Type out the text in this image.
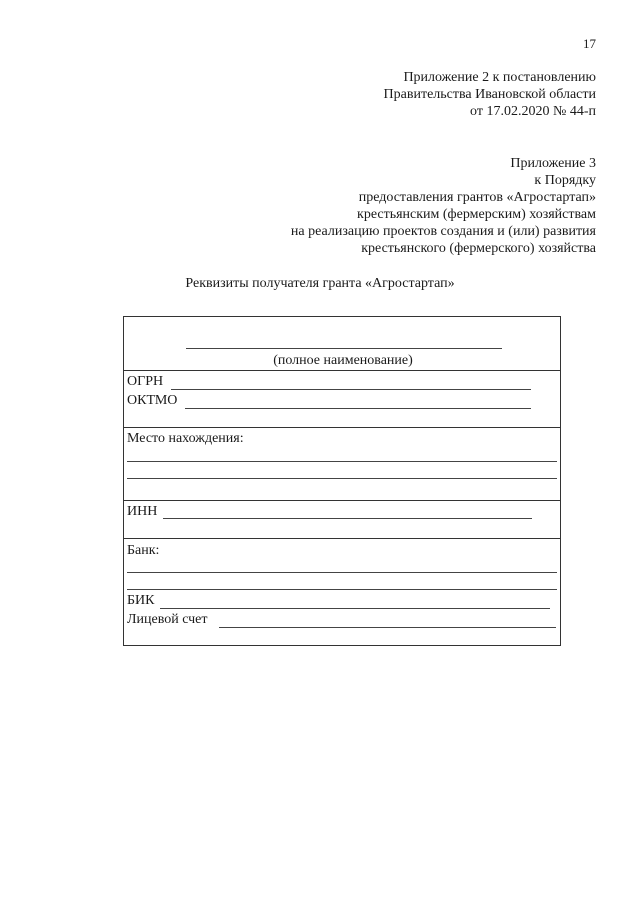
17
Приложение 2 к постановлению
Правительства Ивановской области
от 17.02.2020 № 44-п
Приложение 3
к Порядку
предоставления грантов «Агростартап»
крестьянским (фермерским) хозяйствам
на реализацию проектов создания и (или) развития
крестьянского (фермерского) хозяйства
Реквизиты получателя гранта «Агростартап»
(полное наименование)
ОГРН
ОКТМО
Место нахождения:
ИНН
Банк:
БИК
Лицевой счет
